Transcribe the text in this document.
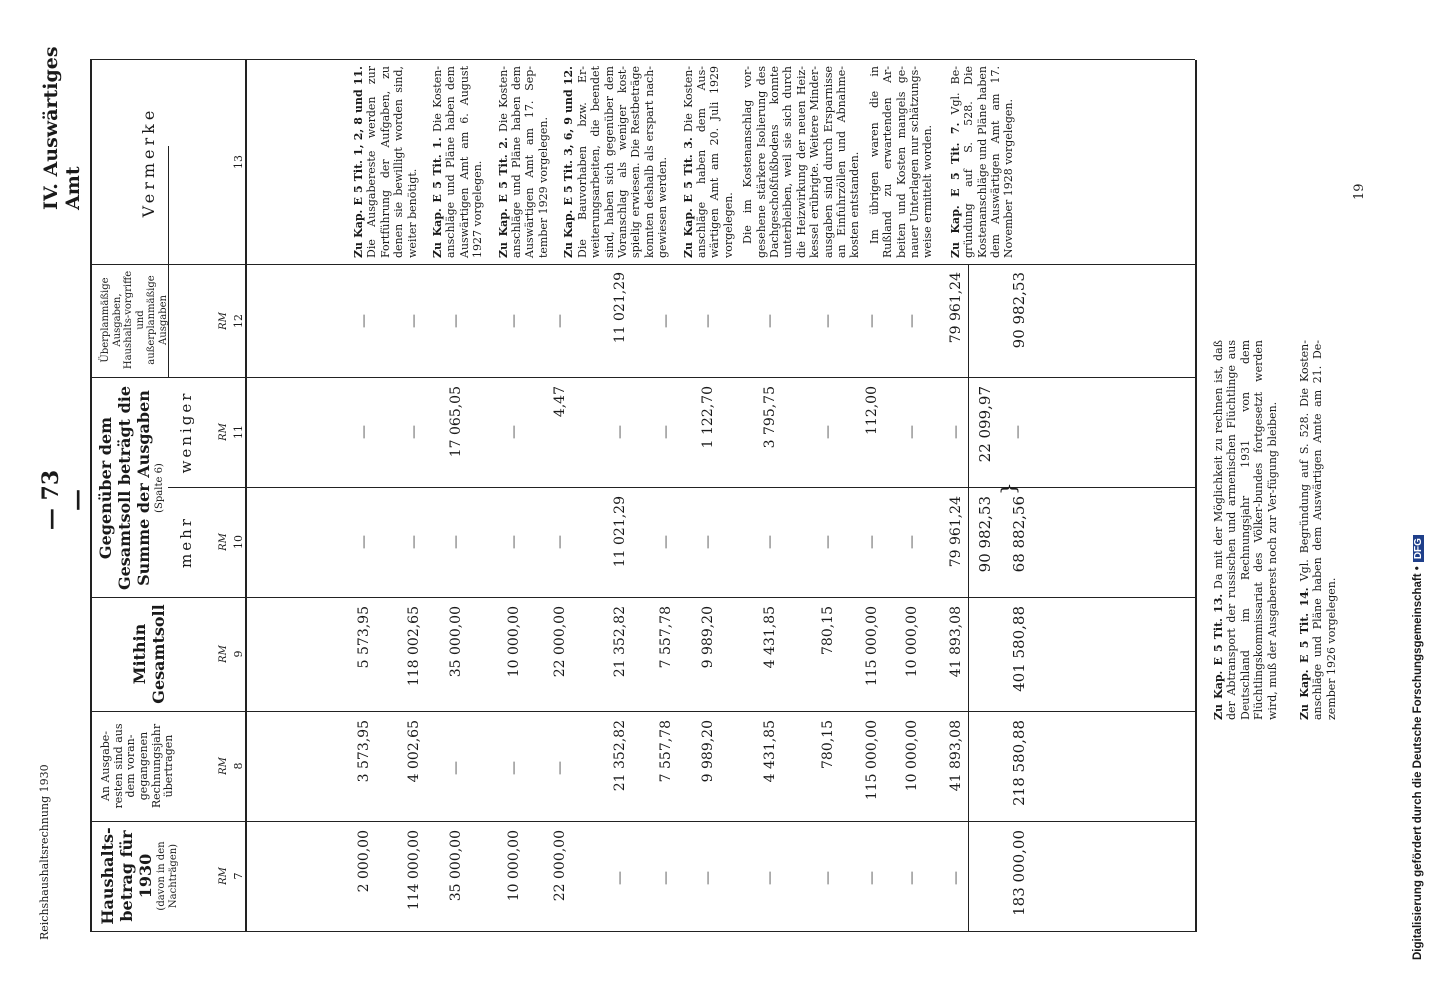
— 73 —
IV. Auswärtiges Amt
Reichshaushaltsrechnung 1930
19
Digitalisierung gefördert durch die Deutsche Forschungsgemeinschaft •DFG
Haushalts-betrag für 1930 (davon in den Nachträgen)
An Ausgabe-resten sind aus dem voran-gegangenen Rechnungsjahr übertragen
Mithin Gesamtsoll
Gegenüber dem Gesamtsoll beträgt die Summe der Ausgaben (Spalte 6)
mehr
weniger
Überplanmäßige Ausgaben, Haushalts-vorgriffe und außerplanmäßige Ausgaben
Vermerke
RM
RM
RM
RM
RM
RM
7
8
9
10
11
12
13
2 000,00
3 573,95
5 573,95
—
—
—
114 000,00
4 002,65
118 002,65
—
—
—
35 000,00
—
35 000,00
—
17 065,05
—
10 000,00
—
10 000,00
—
—
—
22 000,00
—
22 000,00
—
4,47
—
—
21 352,82
21 352,82
11 021,29
—
11 021,29
—
7 557,78
7 557,78
—
—
—
—
9 989,20
9 989,20
—
1 122,70
—
—
4 431,85
4 431,85
—
3 795,75
—
—
780,15
780,15
—
—
—
—
115 000,00
115 000,00
—
112,00
—
—
10 000,00
10 000,00
—
—
—
—
41 893,08
41 893,08
79 961,24
—
79 961,24
183 000,00
218 580,88
401 580,88
90 982,53 68 882,56
22 099,97 —
90 982,53
}
Zu Kap. E 5 Tit. 1, 2, 8 und 11. Die Ausgabereste werden zur Fortführung der Aufgaben, zu denen sie bewilligt worden sind, weiter benötigt. Zu Kap. E 5 Tit. 1. Die Kosten-anschläge und Pläne haben dem Auswärtigen Amt am 6. August 1927 vorgelegen. Zu Kap. E 5 Tit. 2. Die Kosten-anschläge und Pläne haben dem Auswärtigen Amt am 17. Sep-tember 1929 vorgelegen. Zu Kap. E 5 Tit. 3, 6, 9 und 12. Die Bauvorhaben bzw. Er-weiterungsarbeiten, die beendet sind, haben sich gegenüber dem Voranschlag als weniger kost-spielig erwiesen. Die Restbeträge konnten deshalb als erspart nach-gewiesen werden. Zu Kap. E 5 Tit. 3. Die Kosten-anschläge haben dem Aus-wärtigen Amt am 20. Juli 1929 vorgelegen. Die im Kostenanschlag vor-gesehene stärkere Isolierung des Dachgeschoßfußbodens konnte unterbleiben, weil sie sich durch die Heizwirkung der neuen Heiz-kessel erübrigte. Weitere Minder-ausgaben sind durch Ersparnisse an Einfuhrzöllen und Abnahme-kosten entstanden. Im übrigen waren die in Rußland zu erwartenden Ar-beiten und Kosten mangels ge-nauer Unterlagen nur schätzungs-weise ermittelt worden. Zu Kap. E 5 Tit. 7. Vgl. Be-gründung auf S. 528. Die Kostenanschläge und Pläne haben dem Auswärtigen Amt am 17. November 1928 vorgelegen.
Zu Kap. E 5 Tit. 13. Da mit der Möglichkeit zu rechnen ist, daß der Abtransport der russischen und armenischen Flüchtlinge aus Deutschland im Rechnungsjahr 1931 von dem Flüchtlingskommissariat des Völker-bundes fortgesetzt werden wird, muß der Ausgaberest noch zur Ver-fügung bleiben. Zu Kap. E 5 Tit. 14. Vgl. Begründung auf S. 528. Die Kosten-anschläge und Pläne haben dem Auswärtigen Amte am 21. De-zember 1926 vorgelegen.
